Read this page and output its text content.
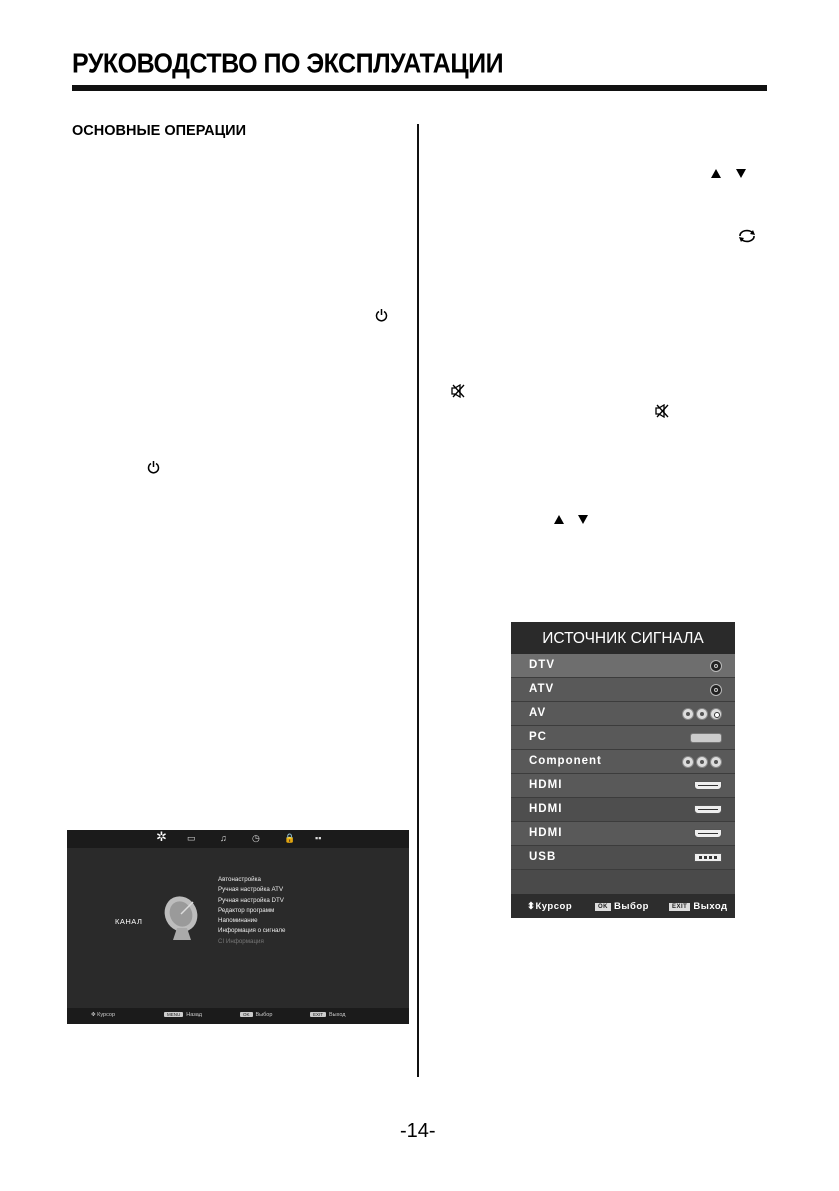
РУКОВОДСТВО ПО ЭКСПЛУАТАЦИИ
ОСНОВНЫЕ ОПЕРАЦИИ
✲ ▭	♫	◷	🔒 ▪▪
КАНАЛ
Автонастройка
Ручная настройка ATV
Ручная настройка DTV
Редактор программ
Напоминание
Информация о сигнале
CI Информация
✥ Курсор	MENU Назад	OK Выбор	EXIT Выход
ИСТОЧНИК СИГНАЛА
DTV
ATV
AV
PC
Component
HDMI
HDMI
HDMI
USB
⬍Курсор	OK Выбор	EXIT Выход
-14-
